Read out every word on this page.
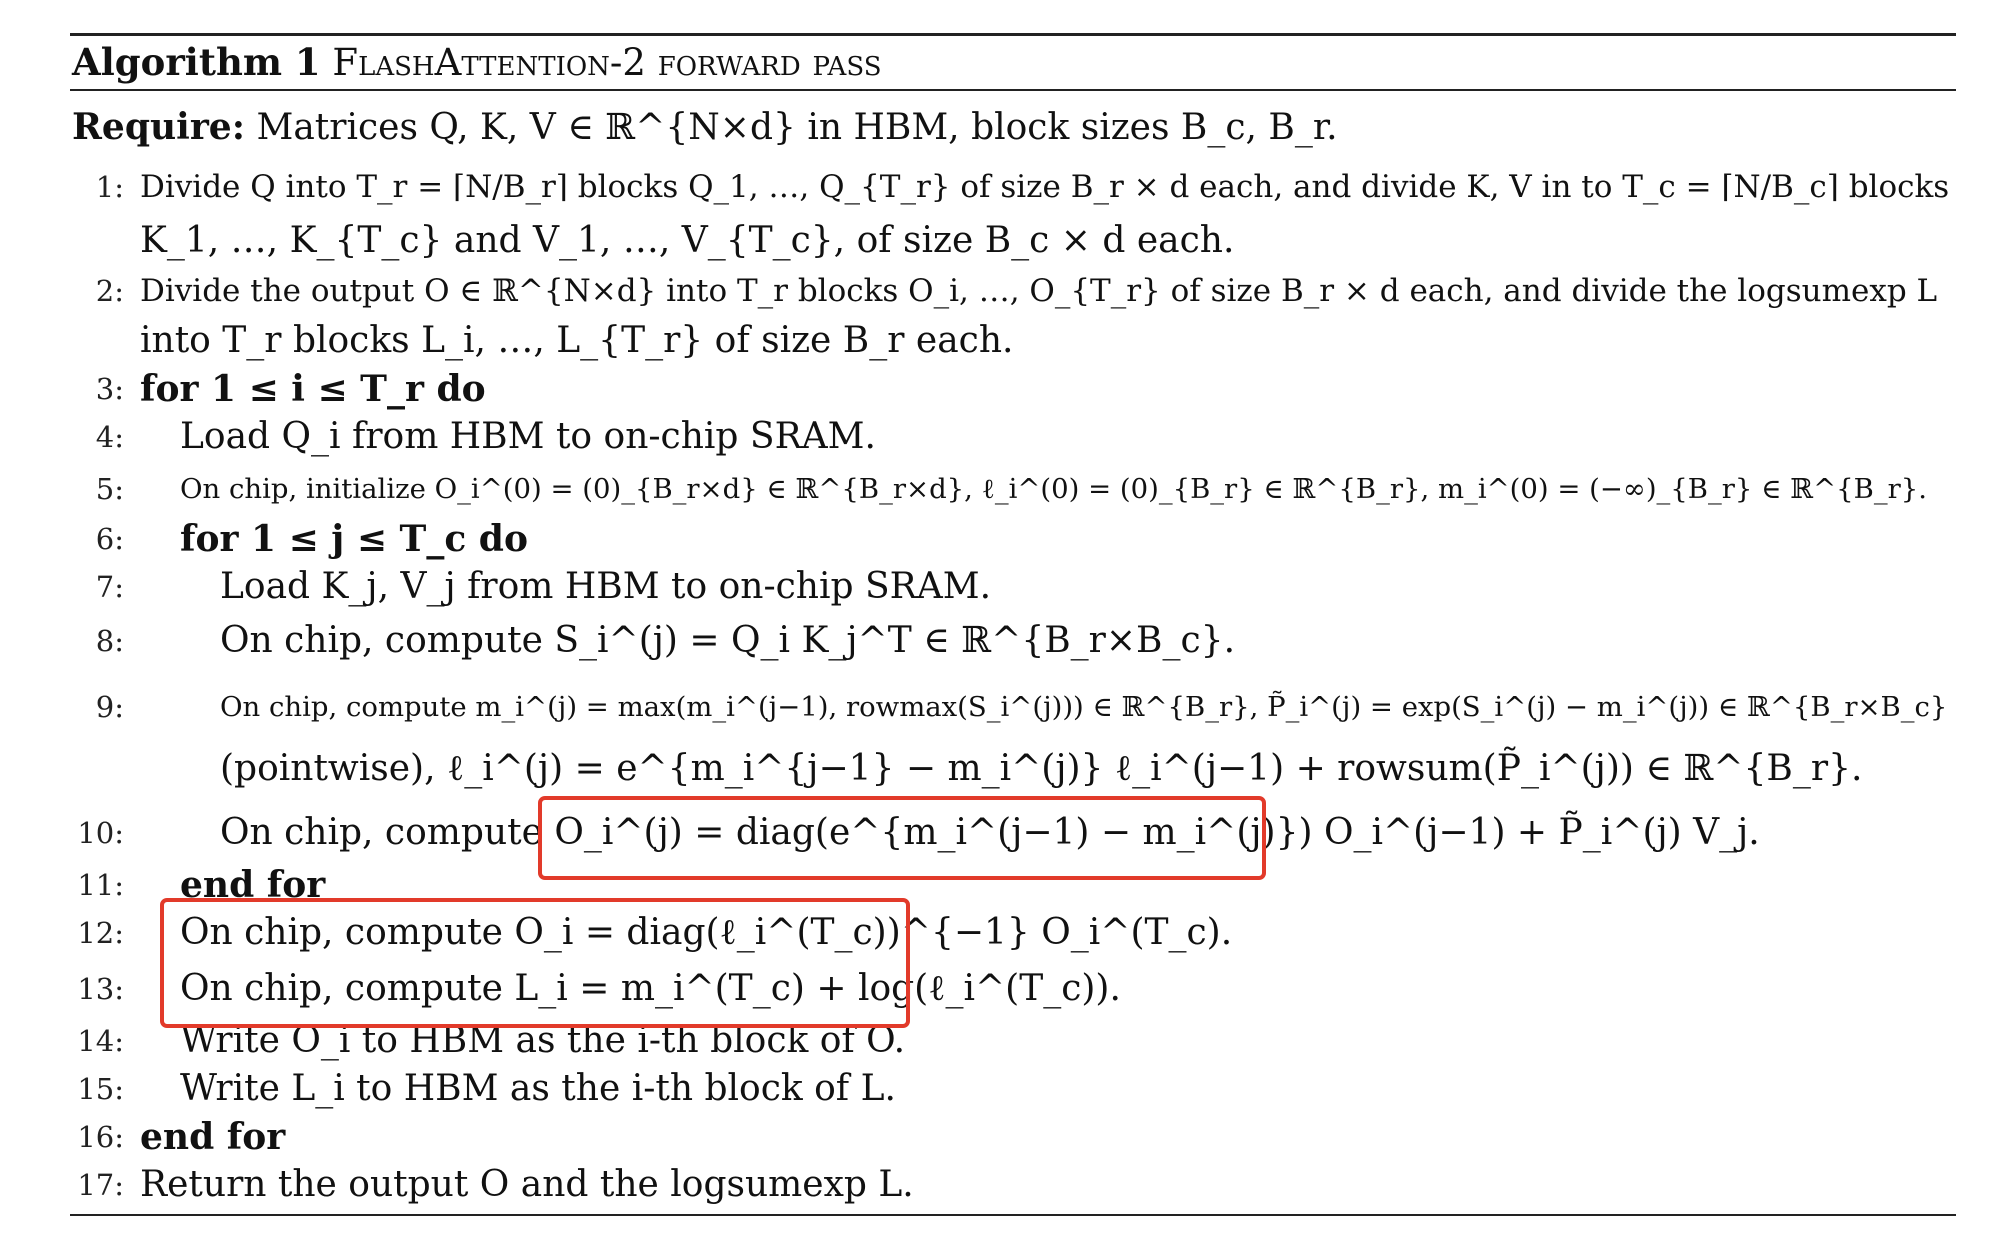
Algorithm 1 FlashAttention-2 forward pass
Require: Matrices Q, K, V ∈ ℝ^{N×d} in HBM, block sizes B_c, B_r.
1: Divide Q into T_r = ⌈N/B_r⌉ blocks Q_1, …, Q_{T_r} of size B_r × d each, and divide K, V in to T_c = ⌈N/B_c⌉ blocks
K_1, …, K_{T_c} and V_1, …, V_{T_c}, of size B_c × d each.
2: Divide the output O ∈ ℝ^{N×d} into T_r blocks O_i, …, O_{T_r} of size B_r × d each, and divide the logsumexp L
into T_r blocks L_i, …, L_{T_r} of size B_r each.
3: for 1 ≤ i ≤ T_r do
4: Load Q_i from HBM to on-chip SRAM.
5: On chip, initialize O_i^(0) = (0)_{B_r×d} ∈ ℝ^{B_r×d}, ℓ_i^(0) = (0)_{B_r} ∈ ℝ^{B_r}, m_i^(0) = (−∞)_{B_r} ∈ ℝ^{B_r}.
6: for 1 ≤ j ≤ T_c do
7:	Load K_j, V_j from HBM to on-chip SRAM.
8:	On chip, compute S_i^(j) = Q_i K_j^T ∈ ℝ^{B_r×B_c}.
9:	On chip, compute m_i^(j) = max(m_i^(j−1), rowmax(S_i^(j))) ∈ ℝ^{B_r}, P̃_i^(j) = exp(S_i^(j) − m_i^(j)) ∈ ℝ^{B_r×B_c}
(pointwise), ℓ_i^(j) = e^{m_i^{j−1} − m_i^(j)} ℓ_i^(j−1) + rowsum(P̃_i^(j)) ∈ ℝ^{B_r}.
10:	On chip, compute O_i^(j) = diag(e^{m_i^(j−1) − m_i^(j)}) O_i^(j−1) + P̃_i^(j) V_j.
11: end for
12: On chip, compute O_i = diag(ℓ_i^(T_c))^{−1} O_i^(T_c).
13: On chip, compute L_i = m_i^(T_c) + log(ℓ_i^(T_c)).
14: Write O_i to HBM as the i-th block of O.
15: Write L_i to HBM as the i-th block of L.
16: end for
17: Return the output O and the logsumexp L.
